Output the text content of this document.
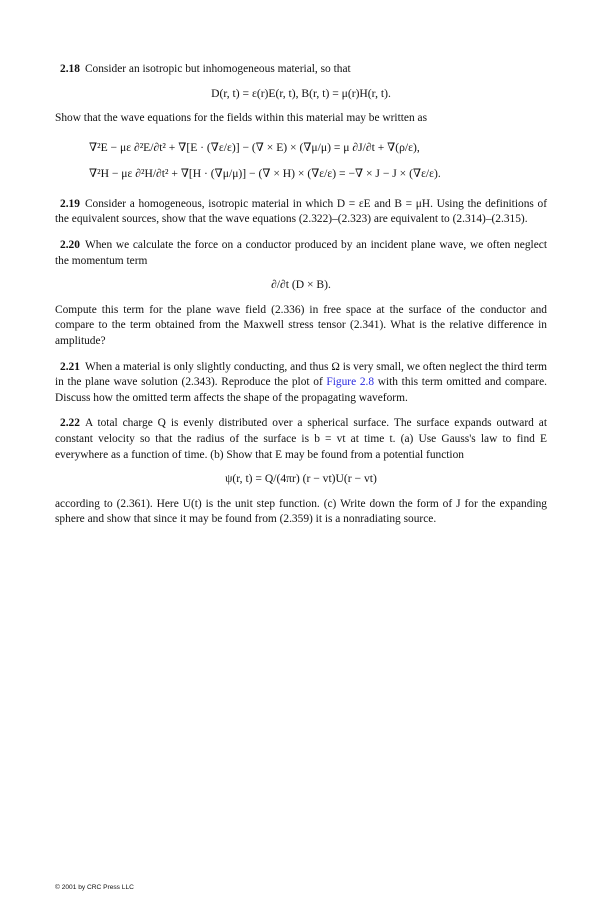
2.18 Consider an isotropic but inhomogeneous material, so that

D(r, t) = ε(r)E(r, t), B(r, t) = μ(r)H(r, t).

Show that the wave equations for the fields within this material may be written as

∇²E − με ∂²E/∂t² + ∇[E · (∇ε/ε)] − (∇ × E) × (∇μ/μ) = μ ∂J/∂t + ∇(ρ/ε),
∇²H − με ∂²H/∂t² + ∇[H · (∇μ/μ)] − (∇ × H) × (∇ε/ε) = −∇ × J − J × (∇ε/ε).

2.19 Consider a homogeneous, isotropic material in which D = εE and B = μH. Using the definitions of the equivalent sources, show that the wave equations (2.322)–(2.323) are equivalent to (2.314)–(2.315).

2.20 When we calculate the force on a conductor produced by an incident plane wave, we often neglect the momentum term

∂/∂t (D × B).

Compute this term for the plane wave field (2.336) in free space at the surface of the conductor and compare to the term obtained from the Maxwell stress tensor (2.341). What is the relative difference in amplitude?

2.21 When a material is only slightly conducting, and thus Ω is very small, we often neglect the third term in the plane wave solution (2.343). Reproduce the plot of Figure 2.8 with this term omitted and compare. Discuss how the omitted term affects the shape of the propagating waveform.

2.22 A total charge Q is evenly distributed over a spherical surface. The surface expands outward at constant velocity so that the radius of the surface is b = vt at time t. (a) Use Gauss's law to find E everywhere as a function of time. (b) Show that E may be found from a potential function

ψ(r, t) = Q/(4πr) (r − vt)U(r − vt)

according to (2.361). Here U(t) is the unit step function. (c) Write down the form of J for the expanding sphere and show that since it may be found from (2.359) it is a nonradiating source.

© 2001 by CRC Press LLC
